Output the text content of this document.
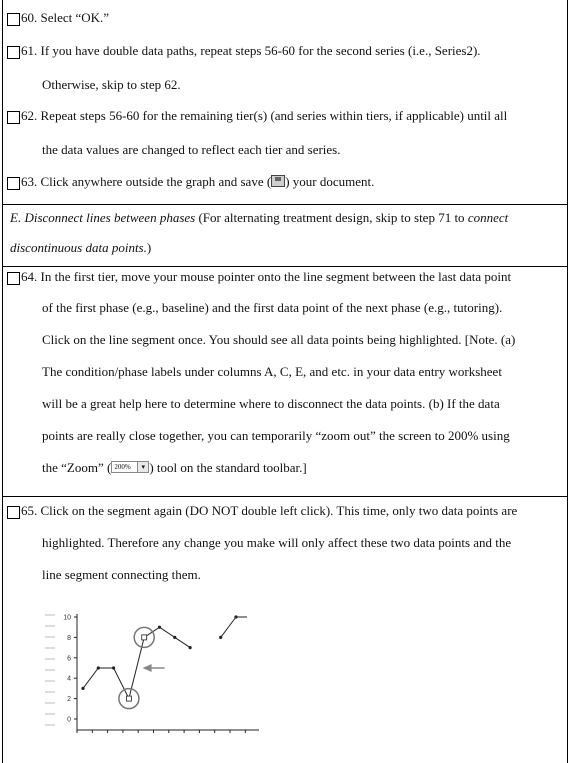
60. Select “OK.”
61. If you have double data paths, repeat steps 56-60 for the second series (i.e., Series2).
Otherwise, skip to step 62.
62. Repeat steps 56-60 for the remaining tier(s) (and series within tiers, if applicable) until all
the data values are changed to reflect each tier and series.
63. Click anywhere outside the graph and save ( ) your document.
E. Disconnect lines between phases (For alternating treatment design, skip to step 71 to connect
discontinuous data points.)
64. In the first tier, move your mouse pointer onto the line segment between the last data point
of the first phase (e.g., baseline) and the first data point of the next phase (e.g., tutoring).
Click on the line segment once. You should see all data points being highlighted. [Note. (a)
The condition/phase labels under columns A, C, E, and etc. in your data entry worksheet
will be a great help here to determine where to disconnect the data points. (b) If the data
points are really close together, you can temporarily “zoom out” the screen to 200% using
the “Zoom” ( 200%	▾ ) tool on the standard toolbar.]
65. Click on the segment again (DO NOT double left click). This time, only two data points are
highlighted. Therefore any change you make will only affect these two data points and the
line segment connecting them.
0
2
4
6
8
10
